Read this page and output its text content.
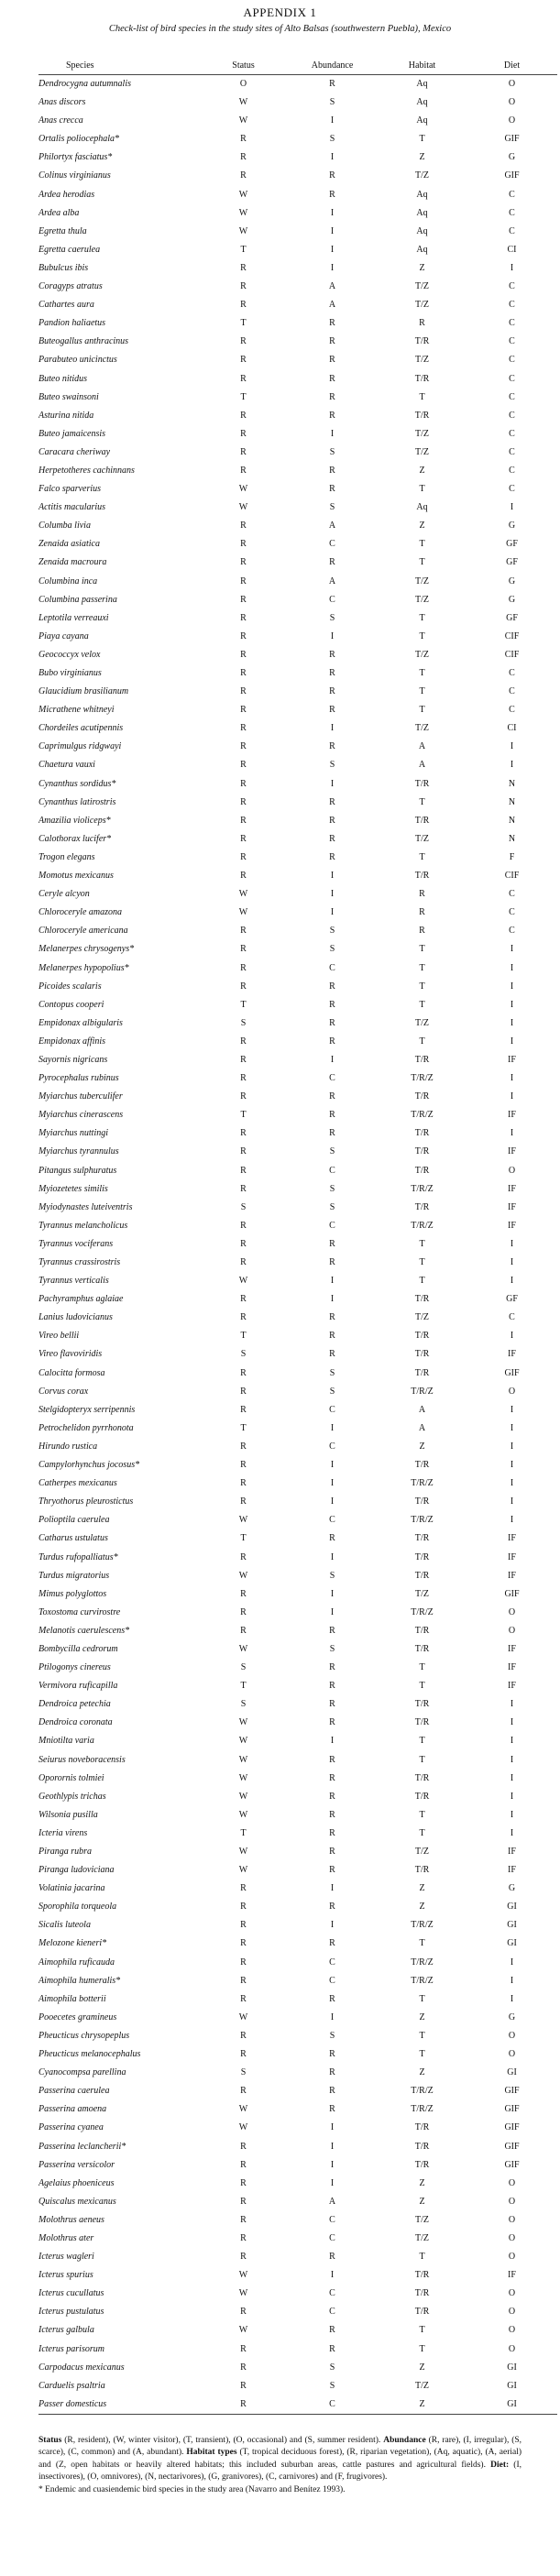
APPENDIX 1
Check-list of bird species in the study sites of Alto Balsas (southwestern Puebla), Mexico
Species	Status	Abundance	Habitat	Diet
Dendrocygna autumnalis	O	R	Aq	O
Anas discors	W	S	Aq	O
Anas crecca	W	I	Aq	O
Ortalis poliocephala*	R	S	T	GIF
Philortyx fasciatus*	R	I	Z	G
Colinus virginianus	R	R	T/Z	GIF
Ardea herodias	W	R	Aq	C
Ardea alba	W	I	Aq	C
Egretta thula	W	I	Aq	C
Egretta caerulea	T	I	Aq	CI
Bubulcus ibis	R	I	Z	I
Coragyps atratus	R	A	T/Z	C
Cathartes aura	R	A	T/Z	C
Pandion haliaetus	T	R	R	C
Buteogallus anthracinus	R	R	T/R	C
Parabuteo unicinctus	R	R	T/Z	C
Buteo nitidus	R	R	T/R	C
Buteo swainsoni	T	R	T	C
Asturina nitida	R	R	T/R	C
Buteo jamaicensis	R	I	T/Z	C
Caracara cheriway	R	S	T/Z	C
Herpetotheres cachinnans	R	R	Z	C
Falco sparverius	W	R	T	C
Actitis macularius	W	S	Aq	I
Columba livia	R	A	Z	G
Zenaida asiatica	R	C	T	GF
Zenaida macroura	R	R	T	GF
Columbina inca	R	A	T/Z	G
Columbina passerina	R	C	T/Z	G
Leptotila verreauxi	R	S	T	GF
Piaya cayana	R	I	T	CIF
Geococcyx velox	R	R	T/Z	CIF
Bubo virginianus	R	R	T	C
Glaucidium brasilianum	R	R	T	C
Micrathene whitneyi	R	R	T	C
Chordeiles acutipennis	R	I	T/Z	CI
Caprimulgus ridgwayi	R	R	A	I
Chaetura vauxi	R	S	A	I
Cynanthus sordidus*	R	I	T/R	N
Cynanthus latirostris	R	R	T	N
Amazilia violiceps*	R	R	T/R	N
Calothorax lucifer*	R	R	T/Z	N
Trogon elegans	R	R	T	F
Momotus mexicanus	R	I	T/R	CIF
Ceryle alcyon	W	I	R	C
Chloroceryle amazona	W	I	R	C
Chloroceryle americana	R	S	R	C
Melanerpes chrysogenys*	R	S	T	I
Melanerpes hypopolius*	R	C	T	I
Picoides scalaris	R	R	T	I
Contopus cooperi	T	R	T	I
Empidonax albigularis	S	R	T/Z	I
Empidonax affinis	R	R	T	I
Sayornis nigricans	R	I	T/R	IF
Pyrocephalus rubinus	R	C	T/R/Z	I
Myiarchus tuberculifer	R	R	T/R	I
Myiarchus cinerascens	T	R	T/R/Z	IF
Myiarchus nuttingi	R	R	T/R	I
Myiarchus tyrannulus	R	S	T/R	IF
Pitangus sulphuratus	R	C	T/R	O
Myiozetetes similis	R	S	T/R/Z	IF
Myiodynastes luteiventris	S	S	T/R	IF
Tyrannus melancholicus	R	C	T/R/Z	IF
Tyrannus vociferans	R	R	T	I
Tyrannus crassirostris	R	R	T	I
Tyrannus verticalis	W	I	T	I
Pachyramphus aglaiae	R	I	T/R	GF
Lanius ludovicianus	R	R	T/Z	C
Vireo bellii	T	R	T/R	I
Vireo flavoviridis	S	R	T/R	IF
Calocitta formosa	R	S	T/R	GIF
Corvus corax	R	S	T/R/Z	O
Stelgidopteryx serripennis	R	C	A	I
Petrochelidon pyrrhonota	T	I	A	I
Hirundo rustica	R	C	Z	I
Campylorhynchus jocosus*	R	I	T/R	I
Catherpes mexicanus	R	I	T/R/Z	I
Thryothorus pleurostictus	R	I	T/R	I
Polioptila caerulea	W	C	T/R/Z	I
Catharus ustulatus	T	R	T/R	IF
Turdus rufopalliatus*	R	I	T/R	IF
Turdus migratorius	W	S	T/R	IF
Mimus polyglottos	R	I	T/Z	GIF
Toxostoma curvirostre	R	I	T/R/Z	O
Melanotis caerulescens*	R	R	T/R	O
Bombycilla cedrorum	W	S	T/R	IF
Ptilogonys cinereus	S	R	T	IF
Vermivora ruficapilla	T	R	T	IF
Dendroica petechia	S	R	T/R	I
Dendroica coronata	W	R	T/R	I
Mniotilta varia	W	I	T	I
Seiurus noveboracensis	W	R	T	I
Oporornis tolmiei	W	R	T/R	I
Geothlypis trichas	W	R	T/R	I
Wilsonia pusilla	W	R	T	I
Icteria virens	T	R	T	I
Piranga rubra	W	R	T/Z	IF
Piranga ludoviciana	W	R	T/R	IF
Volatinia jacarina	R	I	Z	G
Sporophila torqueola	R	R	Z	GI
Sicalis luteola	R	I	T/R/Z	GI
Melozone kieneri*	R	R	T	GI
Aimophila ruficauda	R	C	T/R/Z	I
Aimophila humeralis*	R	C	T/R/Z	I
Aimophila botterii	R	R	T	I
Pooecetes gramineus	W	I	Z	G
Pheucticus chrysopeplus	R	S	T	O
Pheucticus melanocephalus	R	R	T	O
Cyanocompsa parellina	S	R	Z	GI
Passerina caerulea	R	R	T/R/Z	GIF
Passerina amoena	W	R	T/R/Z	GIF
Passerina cyanea	W	I	T/R	GIF
Passerina leclancherii*	R	I	T/R	GIF
Passerina versicolor	R	I	T/R	GIF
Agelaius phoeniceus	R	I	Z	O
Quiscalus mexicanus	R	A	Z	O
Molothrus aeneus	R	C	T/Z	O
Molothrus ater	R	C	T/Z	O
Icterus wagleri	R	R	T	O
Icterus spurius	W	I	T/R	IF
Icterus cucullatus	W	C	T/R	O
Icterus pustulatus	R	C	T/R	O
Icterus galbula	W	R	T	O
Icterus parisorum	R	R	T	O
Carpodacus mexicanus	R	S	Z	GI
Carduelis psaltria	R	S	T/Z	GI
Passer domesticus	R	C	Z	GI
Status (R, resident), (W, winter visitor), (T, transient), (O, occasional) and (S, summer resident). Abundance (R, rare), (I, irregular), (S, scarce), (C, common) and (A, abundant). Habitat types (T, tropical deciduous forest), (R, riparian vegetation), (Aq, aquatic), (A, aerial) and (Z, open habitats or heavily altered habitats; this included suburban areas, cattle pastures and agricultural fields). Diet: (I, insectivores), (O, omnivores), (N, nectarivores), (G, granivores), (C, carnivores) and (F, frugivores).
* Endemic and cuasiendemic bird species in the study area (Navarro and Benítez 1993).
